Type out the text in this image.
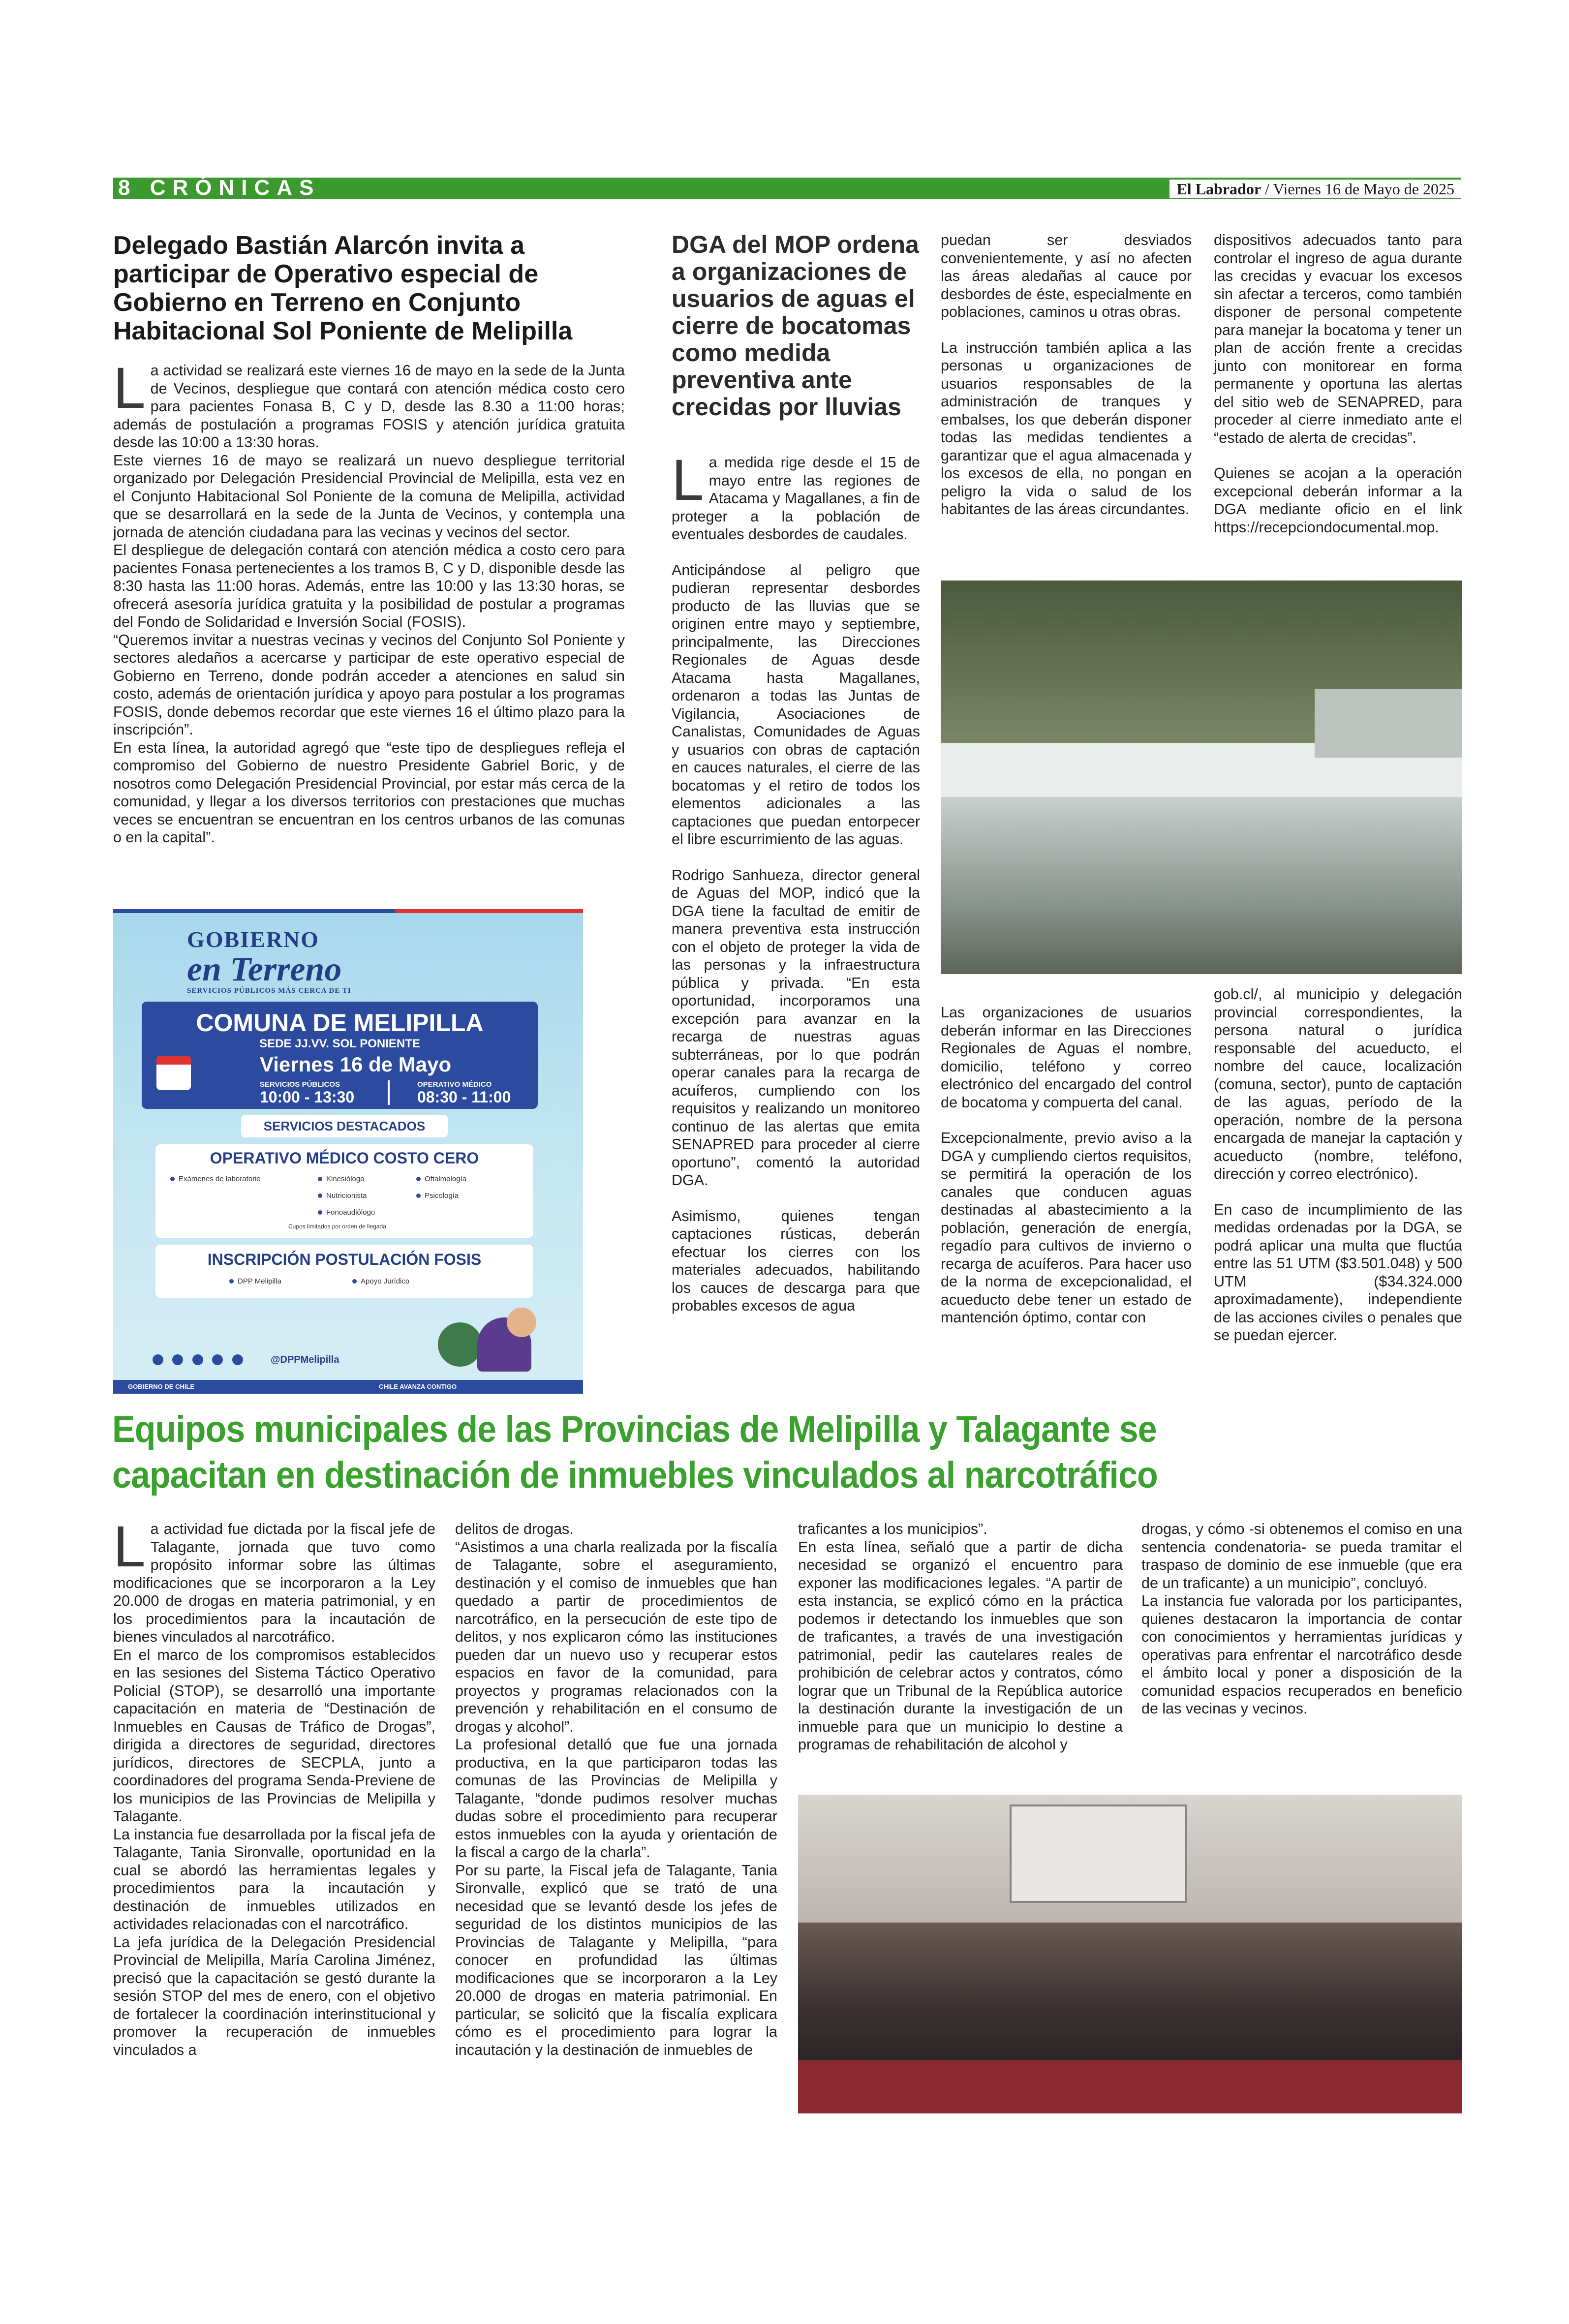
8 CRÓNICAS	El Labrador / Viernes 16 de Mayo de 2025
Delegado Bastián Alarcón invita a participar de Operativo especial de Gobierno en Terreno en Conjunto Habitacional Sol Poniente de Melipilla

La actividad se realizará este viernes 16 de mayo en la sede de la Junta de Vecinos, despliegue que contará con atención médica costo cero para pacientes Fonasa B, C y D, desde las 8.30 a 11:00 horas; además de postulación a programas FOSIS y atención jurídica gratuita desde las 10:00 a 13:30 horas.

Este viernes 16 de mayo se realizará un nuevo despliegue territorial organizado por Delegación Presidencial Provincial de Melipilla, esta vez en el Conjunto Habitacional Sol Poniente de la comuna de Melipilla, actividad que se desarrollará en la sede de la Junta de Vecinos, y contempla una jornada de atención ciudadana para las vecinas y vecinos del sector.

El despliegue de delegación contará con atención médica a costo cero para pacientes Fonasa pertenecientes a los tramos B, C y D, disponible desde las 8:30 hasta las 11:00 horas. Además, entre las 10:00 y las 13:30 horas, se ofrecerá asesoría jurídica gratuita y la posibilidad de postular a programas del Fondo de Solidaridad e Inversión Social (FOSIS).

“Queremos invitar a nuestras vecinas y vecinos del Conjunto Sol Poniente y sectores aledaños a acercarse y participar de este operativo especial de Gobierno en Terreno, donde podrán acceder a atenciones en salud sin costo, además de orientación jurídica y apoyo para postular a los programas FOSIS, donde debemos recordar que este viernes 16 el último plazo para la inscripción”.

En esta línea, la autoridad agregó que “este tipo de despliegues refleja el compromiso del Gobierno de nuestro Presidente Gabriel Boric, y de nosotros como Delegación Presidencial Provincial, por estar más cerca de la comunidad, y llegar a los diversos territorios con prestaciones que muchas veces se encuentran se encuentran en los centros urbanos de las comunas o en la capital”.

GOBIERNO
en Terreno
SERVICIOS PÚBLICOS MÁS CERCA DE TI
COMUNA DE MELIPILLA
SEDE JJ.VV. SOL PONIENTE
Viernes 16 de Mayo
SERVICIOS PÚBLICOS
10:00 - 13:30
OPERATIVO MÉDICO
08:30 - 11:00
SERVICIOS DESTACADOS
OPERATIVO MÉDICO COSTO CERO
Exámenes de laboratorio	Kinesiólogo	Oftalmología
Nutricionista	Psicología
Fonoaudiólogo
Cupos limitados por orden de llegada
INSCRIPCIÓN POSTULACIÓN FOSIS
DPP Melipilla	Apoyo Jurídico
@DPPMelipilla

GOBIERNO DE CHILE	CHILE AVANZA CONTIGO
DGA del MOP ordena a organizaciones de usuarios de aguas el cierre de bocatomas como medida preventiva ante crecidas por lluvias

La medida rige desde el 15 de mayo entre las regiones de Atacama y Magallanes, a fin de proteger a la población de eventuales desbordes de caudales.

Anticipándose al peligro que pudieran representar desbordes producto de las lluvias que se originen entre mayo y septiembre, principalmente, las Direcciones Regionales de Aguas desde Atacama hasta Magallanes, ordenaron a todas las Juntas de Vigilancia, Asociaciones de Canalistas, Comunidades de Aguas y usuarios con obras de captación en cauces naturales, el cierre de las bocatomas y el retiro de todos los elementos adicionales a las captaciones que puedan entorpecer el libre escurrimiento de las aguas.

Rodrigo Sanhueza, director general de Aguas del MOP, indicó que la DGA tiene la facultad de emitir de manera preventiva esta instrucción con el objeto de proteger la vida de las personas y la infraestructura pública y privada. “En esta oportunidad, incorporamos una excepción para avanzar en la recarga de nuestras aguas subterráneas, por lo que podrán operar canales para la recarga de acuíferos, cumpliendo con los requisitos y realizando un monitoreo continuo de las alertas que emita SENAPRED para proceder al cierre oportuno”, comentó la autoridad DGA.

Asimismo, quienes tengan captaciones rústicas, deberán efectuar los cierres con los materiales adecuados, habilitando los cauces de descarga para que probables excesos de agua

puedan ser desviados convenientemente, y así no afecten las áreas aledañas al cauce por desbordes de éste, especialmente en poblaciones, caminos u otras obras.

La instrucción también aplica a las personas u organizaciones de usuarios responsables de la administración de tranques y embalses, los que deberán disponer todas las medidas tendientes a garantizar que el agua almacenada y los excesos de ella, no pongan en peligro la vida o salud de los habitantes de las áreas circundantes.

dispositivos adecuados tanto para controlar el ingreso de agua durante las crecidas y evacuar los excesos sin afectar a terceros, como también disponer de personal competente para manejar la bocatoma y tener un plan de acción frente a crecidas junto con monitorear en forma permanente y oportuna las alertas del sitio web de SENAPRED, para proceder al cierre inmediato ante el “estado de alerta de crecidas”.

Quienes se acojan a la operación excepcional deberán informar a la DGA mediante oficio en el link https://recepciondocumental.mop.

Las organizaciones de usuarios deberán informar en las Direcciones Regionales de Aguas el nombre, domicilio, teléfono y correo electrónico del encargado del control de bocatoma y compuerta del canal.

Excepcionalmente, previo aviso a la DGA y cumpliendo ciertos requisitos, se permitirá la operación de los canales que conducen aguas destinadas al abastecimiento a la población, generación de energía, regadío para cultivos de invierno o recarga de acuíferos. Para hacer uso de la norma de excepcionalidad, el acueducto debe tener un estado de mantención óptimo, contar con

gob.cl/, al municipio y delegación provincial correspondientes, la persona natural o jurídica responsable del acueducto, el nombre del cauce, localización (comuna, sector), punto de captación de las aguas, período de la operación, nombre de la persona encargada de manejar la captación y acueducto (nombre, teléfono, dirección y correo electrónico).

En caso de incumplimiento de las medidas ordenadas por la DGA, se podrá aplicar una multa que fluctúa entre las 51 UTM ($3.501.048) y 500 UTM ($34.324.000 aproximadamente), independiente de las acciones civiles o penales que se puedan ejercer.

Equipos municipales de las Provincias de Melipilla y Talagante se
capacitan en destinación de inmuebles vinculados al narcotráfico

La actividad fue dictada por la fiscal jefe de Talagante, jornada que tuvo como propósito informar sobre las últimas modificaciones que se incorporaron a la Ley 20.000 de drogas en materia patrimonial, y en los procedimientos para la incautación de bienes vinculados al narcotráfico.

En el marco de los compromisos establecidos en las sesiones del Sistema Táctico Operativo Policial (STOP), se desarrolló una importante capacitación en materia de “Destinación de Inmuebles en Causas de Tráfico de Drogas”, dirigida a directores de seguridad, directores jurídicos, directores de SECPLA, junto a coordinadores del programa Senda-Previene de los municipios de las Provincias de Melipilla y Talagante.

La instancia fue desarrollada por la fiscal jefa de Talagante, Tania Sironvalle, oportunidad en la cual se abordó las herramientas legales y procedimientos para la incautación y destinación de inmuebles utilizados en actividades relacionadas con el narcotráfico.

La jefa jurídica de la Delegación Presidencial Provincial de Melipilla, María Carolina Jiménez, precisó que la capacitación se gestó durante la sesión STOP del mes de enero, con el objetivo de fortalecer la coordinación interinstitucional y promover la recuperación de inmuebles vinculados a

delitos de drogas.

“Asistimos a una charla realizada por la fiscalía de Talagante, sobre el aseguramiento, destinación y el comiso de inmuebles que han quedado a partir de procedimientos de narcotráfico, en la persecución de este tipo de delitos, y nos explicaron cómo las instituciones pueden dar un nuevo uso y recuperar estos espacios en favor de la comunidad, para proyectos y programas relacionados con la prevención y rehabilitación en el consumo de drogas y alcohol”.

La profesional detalló que fue una jornada productiva, en la que participaron todas las comunas de las Provincias de Melipilla y Talagante, “donde pudimos resolver muchas dudas sobre el procedimiento para recuperar estos inmuebles con la ayuda y orientación de la fiscal a cargo de la charla”.

Por su parte, la Fiscal jefa de Talagante, Tania Sironvalle, explicó que se trató de una necesidad que se levantó desde los jefes de seguridad de los distintos municipios de las Provincias de Talagante y Melipilla, “para conocer en profundidad las últimas modificaciones que se incorporaron a la Ley 20.000 de drogas en materia patrimonial. En particular, se solicitó que la fiscalía explicara cómo es el procedimiento para lograr la incautación y la destinación de inmuebles de

traficantes a los municipios”.

En esta línea, señaló que a partir de dicha necesidad se organizó el encuentro para exponer las modificaciones legales. “A partir de esta instancia, se explicó cómo en la práctica podemos ir detectando los inmuebles que son de traficantes, a través de una investigación patrimonial, pedir las cautelares reales de prohibición de celebrar actos y contratos, cómo lograr que un Tribunal de la República autorice la destinación durante la investigación de un inmueble para que un municipio lo destine a programas de rehabilitación de alcohol y

drogas, y cómo -si obtenemos el comiso en una sentencia condenatoria- se pueda tramitar el traspaso de dominio de ese inmueble (que era de un traficante) a un municipio”, concluyó.

La instancia fue valorada por los participantes, quienes destacaron la importancia de contar con conocimientos y herramientas jurídicas y operativas para enfrentar el narcotráfico desde el ámbito local y poner a disposición de la comunidad espacios recuperados en beneficio de las vecinas y vecinos.
